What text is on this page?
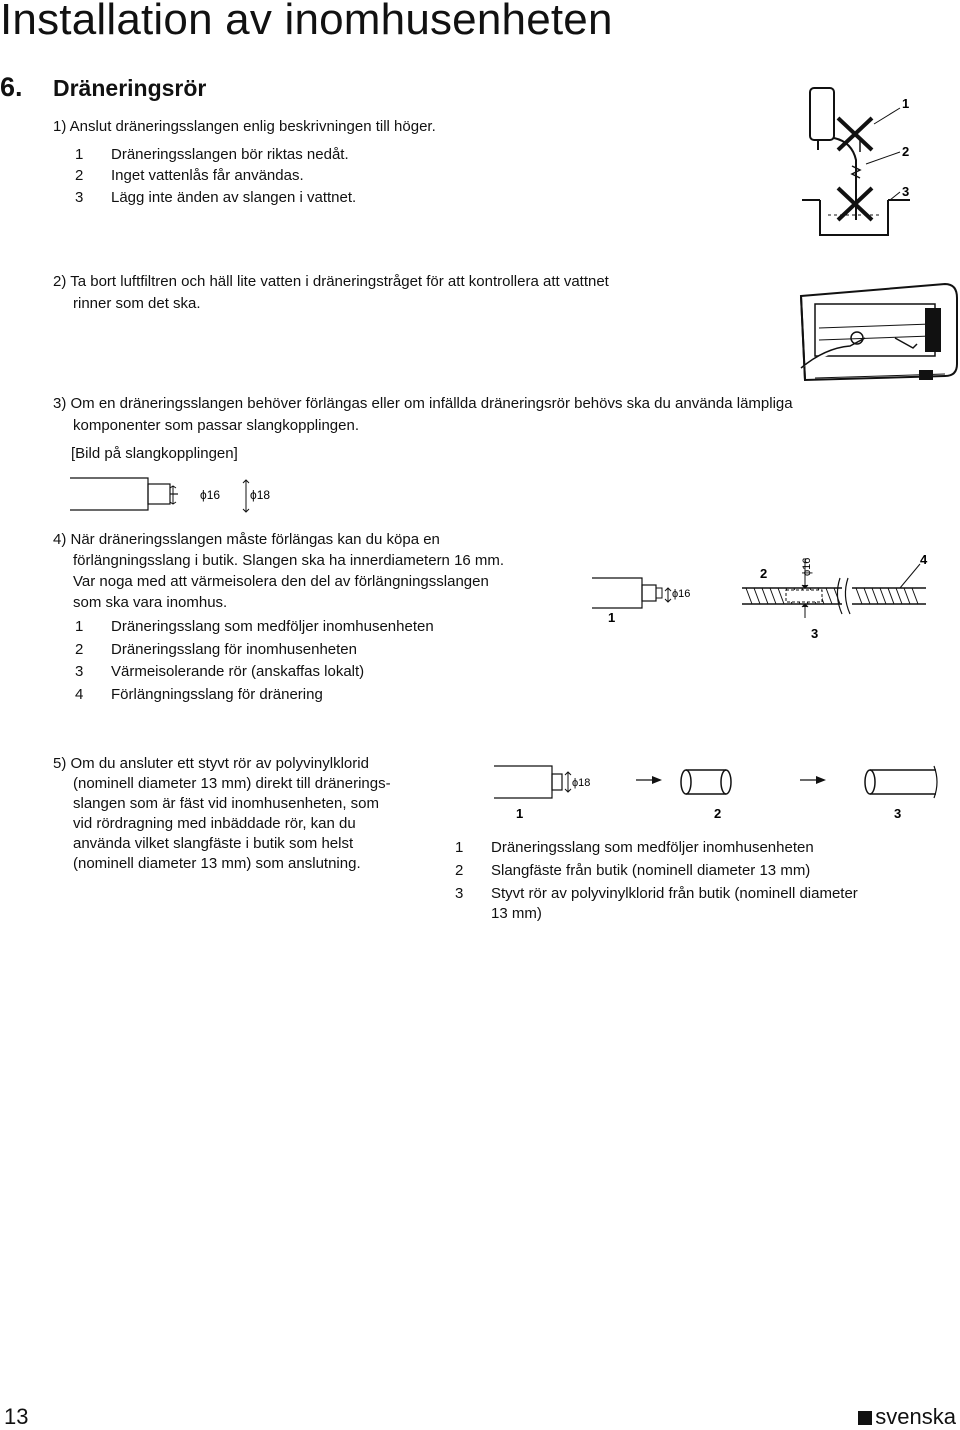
Installation av inomhusenheten
6. Dräneringsrör
1) Anslut dräneringsslangen enlig beskrivningen till höger.
1 Dräneringsslangen bör riktas nedåt.
2 Inget vattenlås får användas.
3 Lägg inte änden av slangen i vattnet.
1
2
3
2) Ta bort luftfiltren och häll lite vatten i dräneringstråget för att kontrollera att vattnet
rinner som det ska.
3) Om en dräneringsslangen behöver förlängas eller om infällda dräneringsrör behövs ska du använda lämpliga
komponenter som passar slangkopplingen.
[Bild på slangkopplingen]
ϕ16 ϕ18
4) När dräneringsslangen måste förlängas kan du köpa en
förlängningsslang i butik. Slangen ska ha innerdiametern 16 mm.
Var noga med att värmeisolera den del av förlängningsslangen
som ska vara inomhus.
1 Dräneringsslang som medföljer inomhusenheten
2 Dräneringsslang för inomhusenheten
3 Värmeisolerande rör (anskaffas lokalt)
4 Förlängningsslang för dränering
ϕ16
1
ϕ16
2
3
4
5) Om du ansluter ett styvt rör av polyvinylklorid
(nominell diameter 13 mm) direkt till dränerings-
slangen som är fäst vid inomhusenheten, som
vid rördragning med inbäddade rör, kan du
använda vilket slangfäste i butik som helst
(nominell diameter 13 mm) som anslutning.
ϕ18
1	2	3
1 Dräneringsslang som medföljer inomhusenheten
2 Slangfäste från butik (nominell diameter 13 mm)
3 Styvt rör av polyvinylklorid från butik (nominell diameter
13 mm)
13	svenska
